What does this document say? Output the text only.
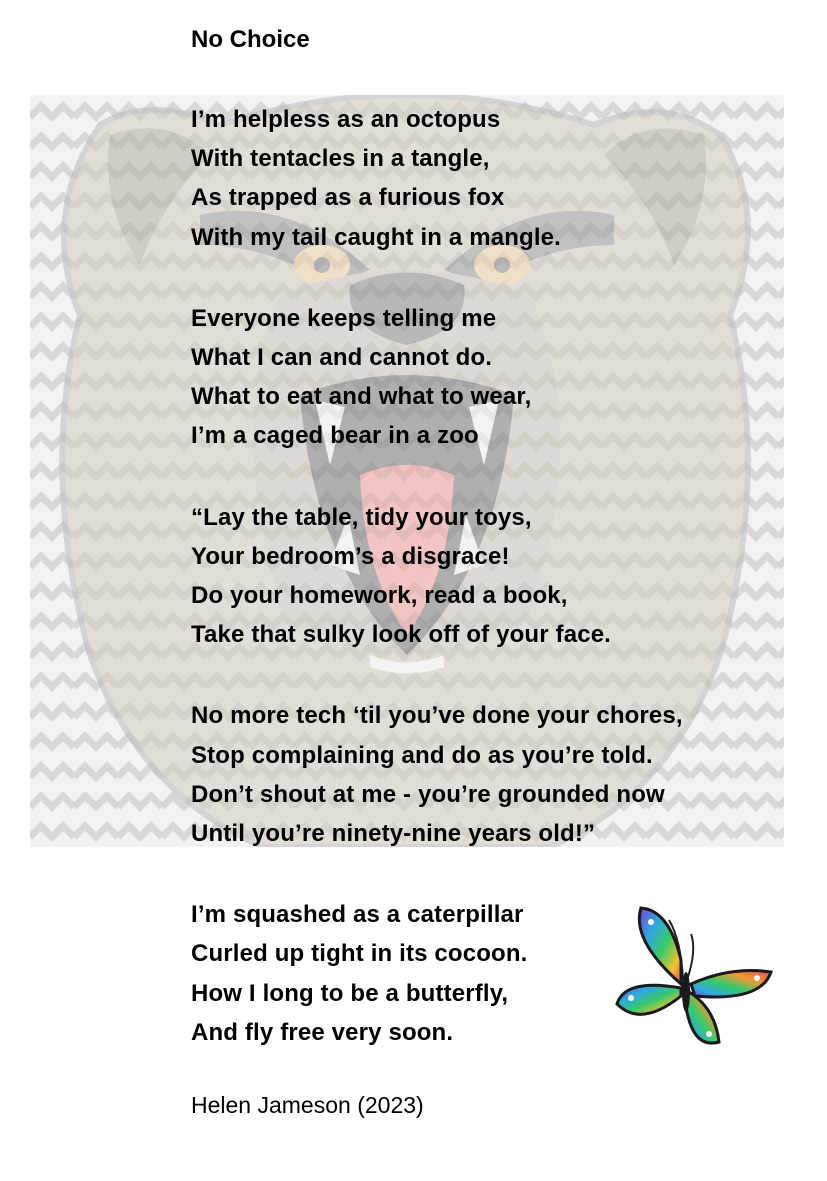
No Choice
I’m helpless as an octopus
With tentacles in a tangle,
As trapped as a furious fox
With my tail caught in a mangle.
Everyone keeps telling me
What I can and cannot do.
What to eat and what to wear,
I’m a caged bear in a zoo
“Lay the table, tidy your toys,
Your bedroom’s a disgrace!
Do your homework, read a book,
Take that sulky look off of your face.
No more tech ‘til you’ve done your chores,
Stop complaining and do as you’re told.
Don’t shout at me - you’re grounded now
Until you’re ninety-nine years old!”
I’m squashed as a caterpillar
Curled up tight in its cocoon.
How I long to be a butterfly,
And fly free very soon.
Helen Jameson (2023)
